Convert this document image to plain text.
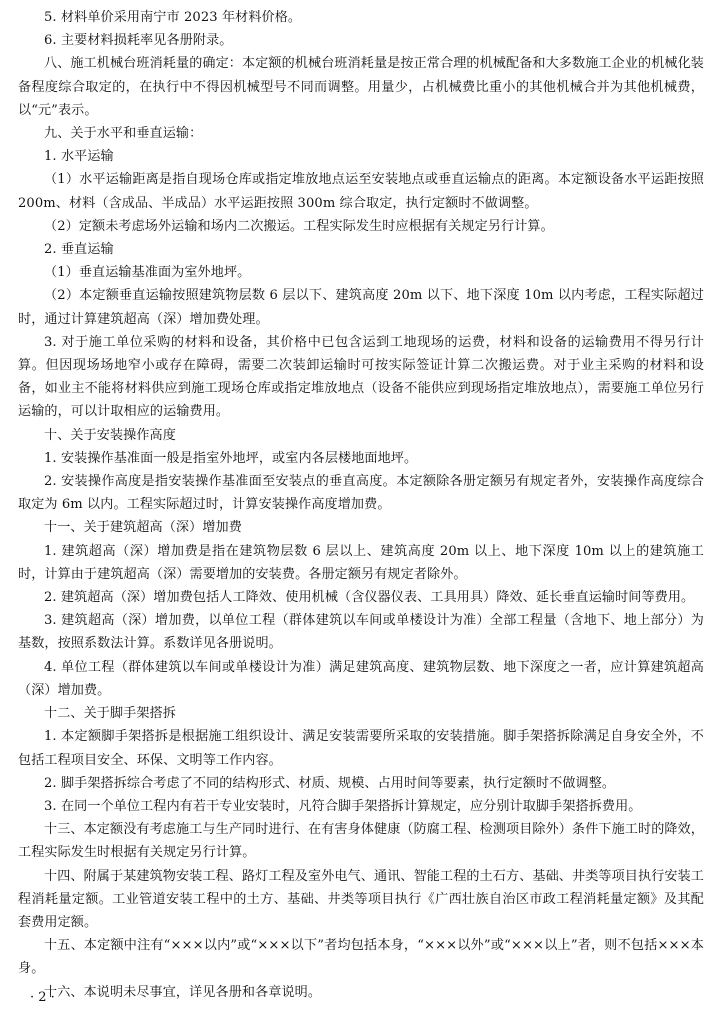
5. 材料单价采用南宁市 2023 年材料价格。

6. 主要材料损耗率见各册附录。

八、施工机械台班消耗量的确定：本定额的机械台班消耗量是按正常合理的机械配备和大多数施工企业的机械化装备程度综合取定的，在执行中不得因机械型号不同而调整。用量少，占机械费比重小的其他机械合并为其他机械费，以“元”表示。

九、关于水平和垂直运输：

1. 水平运输

（1）水平运输距离是指自现场仓库或指定堆放地点运至安装地点或垂直运输点的距离。本定额设备水平运距按照 200m、材料（含成品、半成品）水平运距按照 300m 综合取定，执行定额时不做调整。

（2）定额未考虑场外运输和场内二次搬运。工程实际发生时应根据有关规定另行计算。

2. 垂直运输

（1）垂直运输基准面为室外地坪。

（2）本定额垂直运输按照建筑物层数 6 层以下、建筑高度 20m 以下、地下深度 10m 以内考虑，工程实际超过时，通过计算建筑超高（深）增加费处理。

3. 对于施工单位采购的材料和设备，其价格中已包含运到工地现场的运费，材料和设备的运输费用不得另行计算。但因现场场地窄小或存在障碍，需要二次装卸运输时可按实际签证计算二次搬运费。对于业主采购的材料和设备，如业主不能将材料供应到施工现场仓库或指定堆放地点（设备不能供应到现场指定堆放地点），需要施工单位另行运输的，可以计取相应的运输费用。

十、关于安装操作高度

1. 安装操作基准面一般是指室外地坪，或室内各层楼地面地坪。

2. 安装操作高度是指安装操作基准面至安装点的垂直高度。本定额除各册定额另有规定者外，安装操作高度综合取定为 6m 以内。工程实际超过时，计算安装操作高度增加费。

十一、关于建筑超高（深）增加费

1. 建筑超高（深）增加费是指在建筑物层数 6 层以上、建筑高度 20m 以上、地下深度 10m 以上的建筑施工时，计算由于建筑超高（深）需要增加的安装费。各册定额另有规定者除外。

2. 建筑超高（深）增加费包括人工降效、使用机械（含仪器仪表、工具用具）降效、延长垂直运输时间等费用。

3. 建筑超高（深）增加费，以单位工程（群体建筑以车间或单楼设计为准）全部工程量（含地下、地上部分）为基数，按照系数法计算。系数详见各册说明。

4. 单位工程（群体建筑以车间或单楼设计为准）满足建筑高度、建筑物层数、地下深度之一者，应计算建筑超高（深）增加费。

十二、关于脚手架搭拆

1. 本定额脚手架搭拆是根据施工组织设计、满足安装需要所采取的安装措施。脚手架搭拆除满足自身安全外，不包括工程项目安全、环保、文明等工作内容。

2. 脚手架搭拆综合考虑了不同的结构形式、材质、规模、占用时间等要素，执行定额时不做调整。

3. 在同一个单位工程内有若干专业安装时，凡符合脚手架搭拆计算规定，应分别计取脚手架搭拆费用。

十三、本定额没有考虑施工与生产同时进行、在有害身体健康（防腐工程、检测项目除外）条件下施工时的降效，工程实际发生时根据有关规定另行计算。

十四、附属于某建筑物安装工程、路灯工程及室外电气、通讯、智能工程的土石方、基础、井类等项目执行安装工程消耗量定额。工业管道安装工程中的土方、基础、井类等项目执行《广西壮族自治区市政工程消耗量定额》及其配套费用定额。

十五、本定额中注有“×××以内”或“×××以下”者均包括本身，“×××以外”或“×××以上”者，则不包括×××本身。

十六、本说明未尽事宜，详见各册和各章说明。

· 2 ·
